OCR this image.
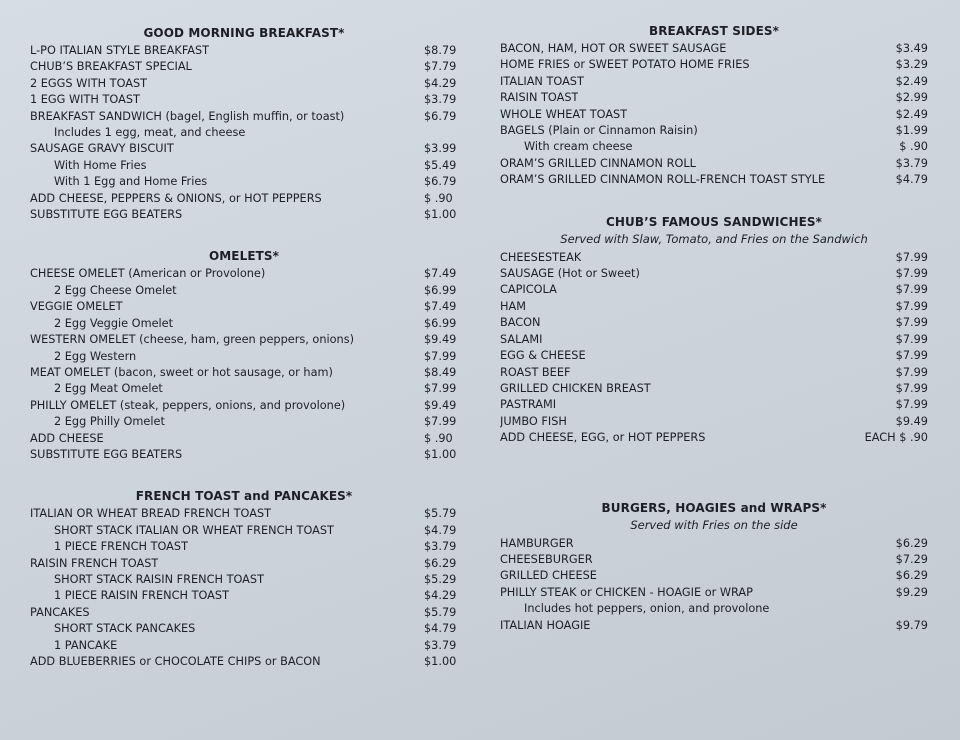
GOOD MORNING BREAKFAST*
L-PO ITALIAN STYLE BREAKFAST	$8.79
CHUB’S BREAKFAST SPECIAL	$7.79
2 EGGS WITH TOAST	$4.29
1 EGG WITH TOAST	$3.79
BREAKFAST SANDWICH (bagel, English muffin, or toast)	$6.79
Includes 1 egg, meat, and cheese
SAUSAGE GRAVY BISCUIT	$3.99
With Home Fries	$5.49
With 1 Egg and Home Fries	$6.79
ADD CHEESE, PEPPERS & ONIONS, or HOT PEPPERS	$ .90
SUBSTITUTE EGG BEATERS	$1.00
OMELETS*
CHEESE OMELET (American or Provolone)	$7.49
2 Egg Cheese Omelet	$6.99
VEGGIE OMELET	$7.49
2 Egg Veggie Omelet	$6.99
WESTERN OMELET (cheese, ham, green peppers, onions)	$9.49
2 Egg Western	$7.99
MEAT OMELET (bacon, sweet or hot sausage, or ham)	$8.49
2 Egg Meat Omelet	$7.99
PHILLY OMELET (steak, peppers, onions, and provolone)	$9.49
2 Egg Philly Omelet	$7.99
ADD CHEESE	$ .90
SUBSTITUTE EGG BEATERS	$1.00
FRENCH TOAST and PANCAKES*
ITALIAN OR WHEAT BREAD FRENCH TOAST	$5.79
SHORT STACK ITALIAN OR WHEAT FRENCH TOAST	$4.79
1 PIECE FRENCH TOAST	$3.79
RAISIN FRENCH TOAST	$6.29
SHORT STACK RAISIN FRENCH TOAST	$5.29
1 PIECE RAISIN FRENCH TOAST	$4.29
PANCAKES	$5.79
SHORT STACK PANCAKES	$4.79
1 PANCAKE	$3.79
ADD BLUEBERRIES or CHOCOLATE CHIPS or BACON	$1.00
BREAKFAST SIDES*
BACON, HAM, HOT OR SWEET SAUSAGE	$3.49
HOME FRIES or SWEET POTATO HOME FRIES	$3.29
ITALIAN TOAST	$2.49
RAISIN TOAST	$2.99
WHOLE WHEAT TOAST	$2.49
BAGELS (Plain or Cinnamon Raisin)	$1.99
With cream cheese	$ .90
ORAM’S GRILLED CINNAMON ROLL	$3.79
ORAM’S GRILLED CINNAMON ROLL-FRENCH TOAST STYLE	$4.79
CHUB’S FAMOUS SANDWICHES*
Served with Slaw, Tomato, and Fries on the Sandwich
CHEESESTEAK	$7.99
SAUSAGE (Hot or Sweet)	$7.99
CAPICOLA	$7.99
HAM	$7.99
BACON	$7.99
SALAMI	$7.99
EGG & CHEESE	$7.99
ROAST BEEF	$7.99
GRILLED CHICKEN BREAST	$7.99
PASTRAMI	$7.99
JUMBO FISH	$9.49
ADD CHEESE, EGG, or HOT PEPPERS	EACH $ .90
BURGERS, HOAGIES and WRAPS*
Served with Fries on the side
HAMBURGER	$6.29
CHEESEBURGER	$7.29
GRILLED CHEESE	$6.29
PHILLY STEAK or CHICKEN - HOAGIE or WRAP	$9.29
Includes hot peppers, onion, and provolone
ITALIAN HOAGIE	$9.79
